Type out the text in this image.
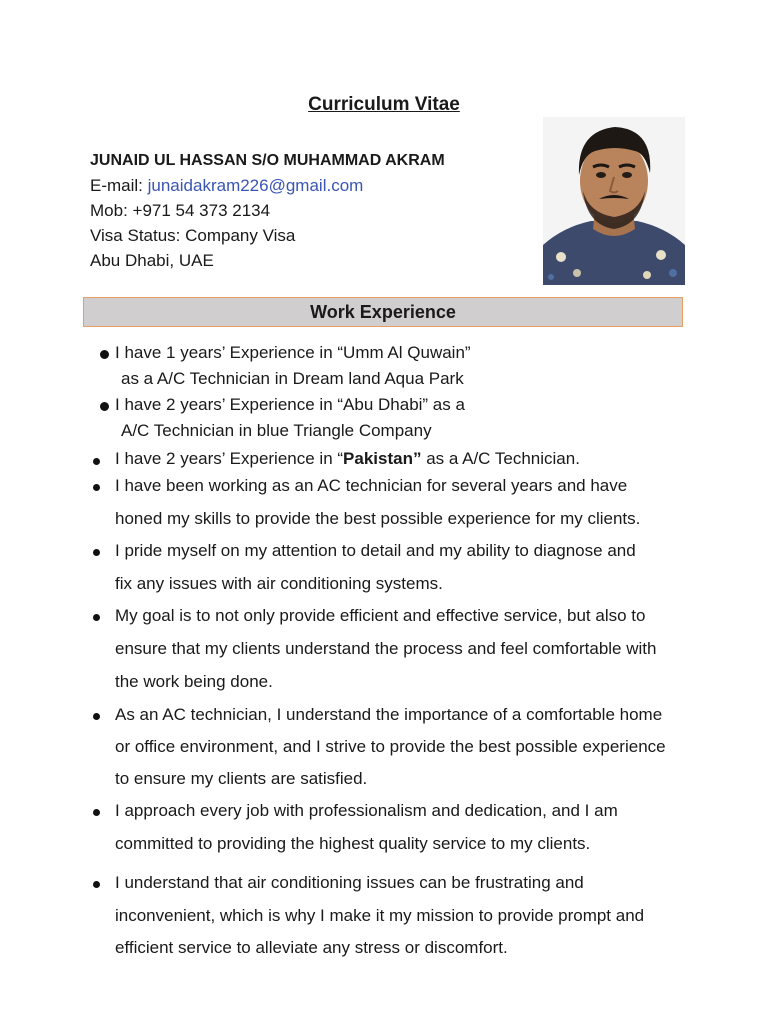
Curriculum Vitae
JUNAID UL HASSAN S/O MUHAMMAD AKRAM
E-mail: junaidakram226@gmail.com
Mob: +971 54 373 2134
Visa Status: Company Visa
Abu Dhabi, UAE
Work Experience
I have 1 years’ Experience in “Umm Al Quwain”
as a A/C Technician in Dream land Aqua Park
I have 2 years’ Experience in “Abu Dhabi” as a
A/C Technician in blue Triangle Company
I have 2 years’ Experience in “Pakistan” as a A/C Technician.
I have been working as an AC technician for several years and have
honed my skills to provide the best possible experience for my clients.
I pride myself on my attention to detail and my ability to diagnose and
fix any issues with air conditioning systems.
My goal is to not only provide efficient and effective service, but also to
ensure that my clients understand the process and feel comfortable with
the work being done.
As an AC technician, I understand the importance of a comfortable home
or office environment, and I strive to provide the best possible experience
to ensure my clients are satisfied.
I approach every job with professionalism and dedication, and I am
committed to providing the highest quality service to my clients.
I understand that air conditioning issues can be frustrating and
inconvenient, which is why I make it my mission to provide prompt and
efficient service to alleviate any stress or discomfort.
